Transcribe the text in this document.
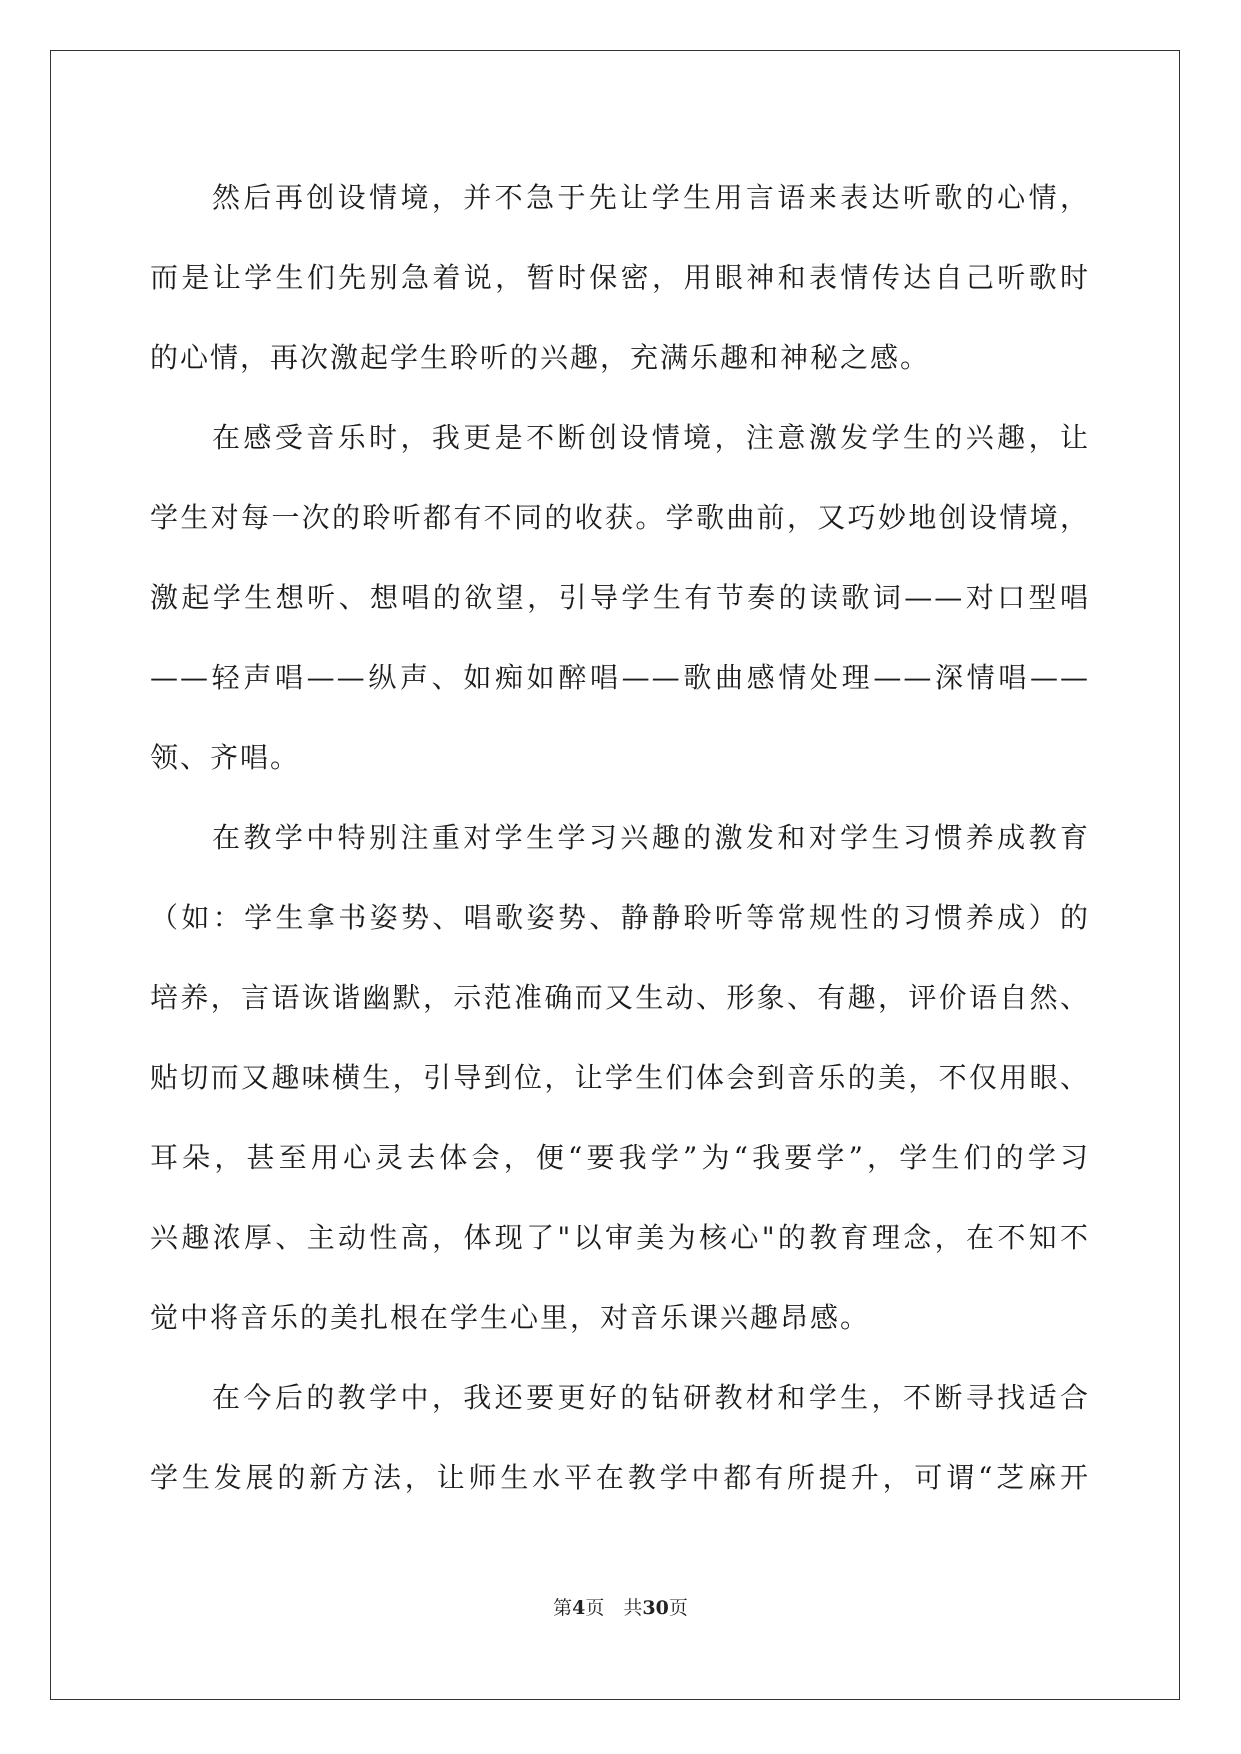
然后再创设情境，并不急于先让学生用言语来表达听歌的心情，
而是让学生们先别急着说，暂时保密，用眼神和表情传达自己听歌时
的心情，再次激起学生聆听的兴趣，充满乐趣和神秘之感。

在感受音乐时，我更是不断创设情境，注意激发学生的兴趣，让
学生对每一次的聆听都有不同的收获。学歌曲前，又巧妙地创设情境，
激起学生想听、想唱的欲望，引导学生有节奏的读歌词——对口型唱
——轻声唱——纵声、如痴如醉唱——歌曲感情处理——深情唱——
领、齐唱。

在教学中特别注重对学生学习兴趣的激发和对学生习惯养成教育
（如：学生拿书姿势、唱歌姿势、静静聆听等常规性的习惯养成）的
培养，言语诙谐幽默，示范准确而又生动、形象、有趣，评价语自然、
贴切而又趣味横生，引导到位，让学生们体会到音乐的美，不仅用眼、
耳朵，甚至用心灵去体会，便“要我学”为“我要学”，学生们的学习
兴趣浓厚、主动性高，体现了"以审美为核心"的教育理念，在不知不
觉中将音乐的美扎根在学生心里，对音乐课兴趣昂感。

在今后的教学中，我还要更好的钻研教材和学生，不断寻找适合
学生发展的新方法，让师生水平在教学中都有所提升，可谓“芝麻开

第4页　共30页
